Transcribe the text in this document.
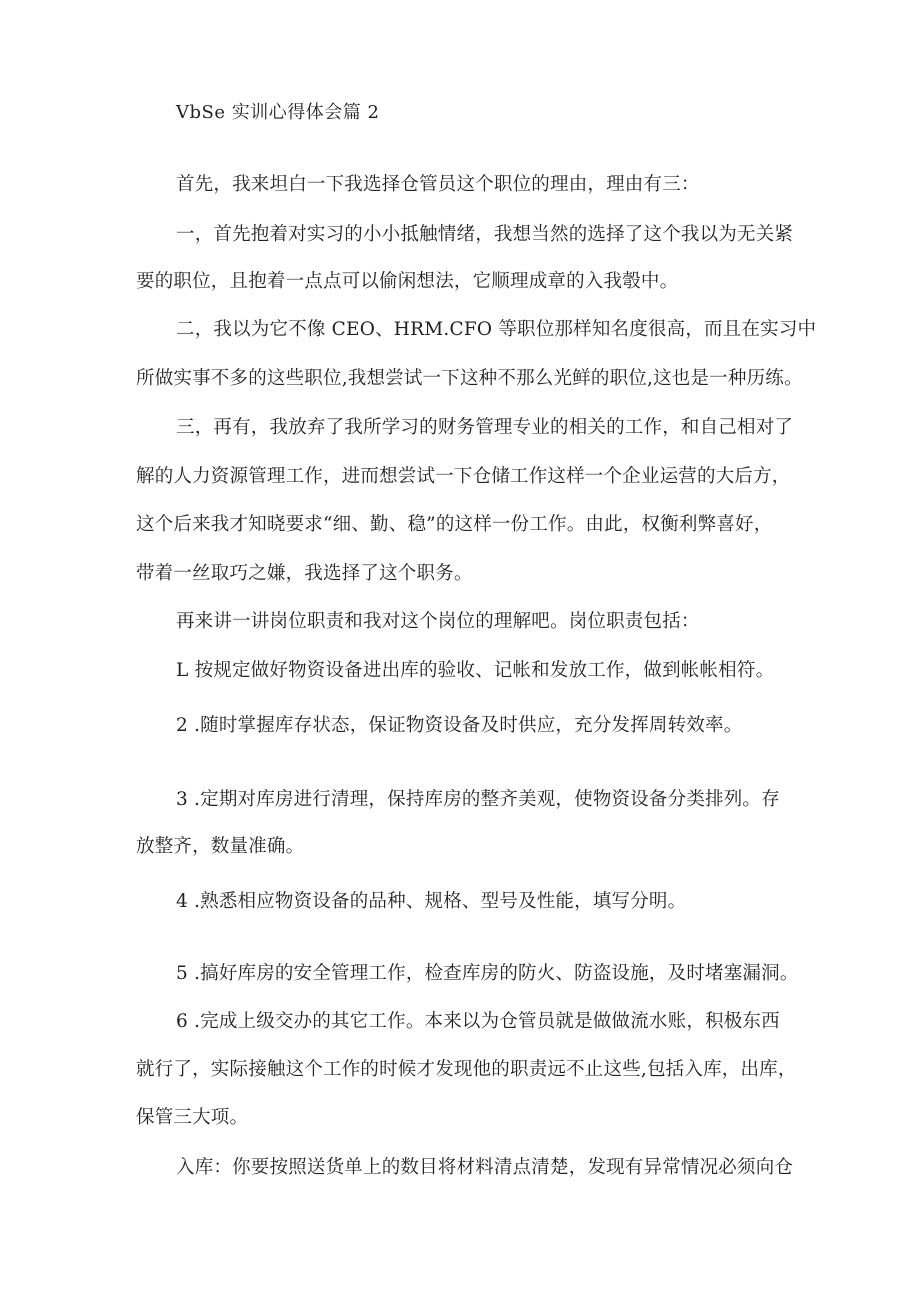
VbSe 实训心得体会篇 2
首先，我来坦白一下我选择仓管员这个职位的理由，理由有三：
一，首先抱着对实习的小小抵触情绪，我想当然的选择了这个我以为无关紧
要的职位，且抱着一点点可以偷闲想法，它顺理成章的入我彀中。
二，我以为它不像 CEO、HRM.CFO 等职位那样知名度很高，而且在实习中
所做实事不多的这些职位,我想尝试一下这种不那么光鲜的职位,这也是一种历练。
三，再有，我放弃了我所学习的财务管理专业的相关的工作，和自己相对了
解的人力资源管理工作，进而想尝试一下仓储工作这样一个企业运营的大后方，
这个后来我才知晓要求“细、勤、稳”的这样一份工作。由此，权衡利弊喜好，
带着一丝取巧之嫌，我选择了这个职务。
再来讲一讲岗位职责和我对这个岗位的理解吧。岗位职责包括：
L 按规定做好物资设备进出库的验收、记帐和发放工作，做到帐帐相符。
2 .随时掌握库存状态，保证物资设备及时供应，充分发挥周转效率。
3 .定期对库房进行清理，保持库房的整齐美观，使物资设备分类排列。存
放整齐，数量准确。
4 .熟悉相应物资设备的品种、规格、型号及性能，填写分明。
5 .搞好库房的安全管理工作，检查库房的防火、防盗设施，及时堵塞漏洞。
6 .完成上级交办的其它工作。本来以为仓管员就是做做流水账，积极东西
就行了，实际接触这个工作的时候才发现他的职责远不止这些,包括入库，出库，
保管三大项。
入库：你要按照送货单上的数目将材料清点清楚，发现有异常情况必须向仓
